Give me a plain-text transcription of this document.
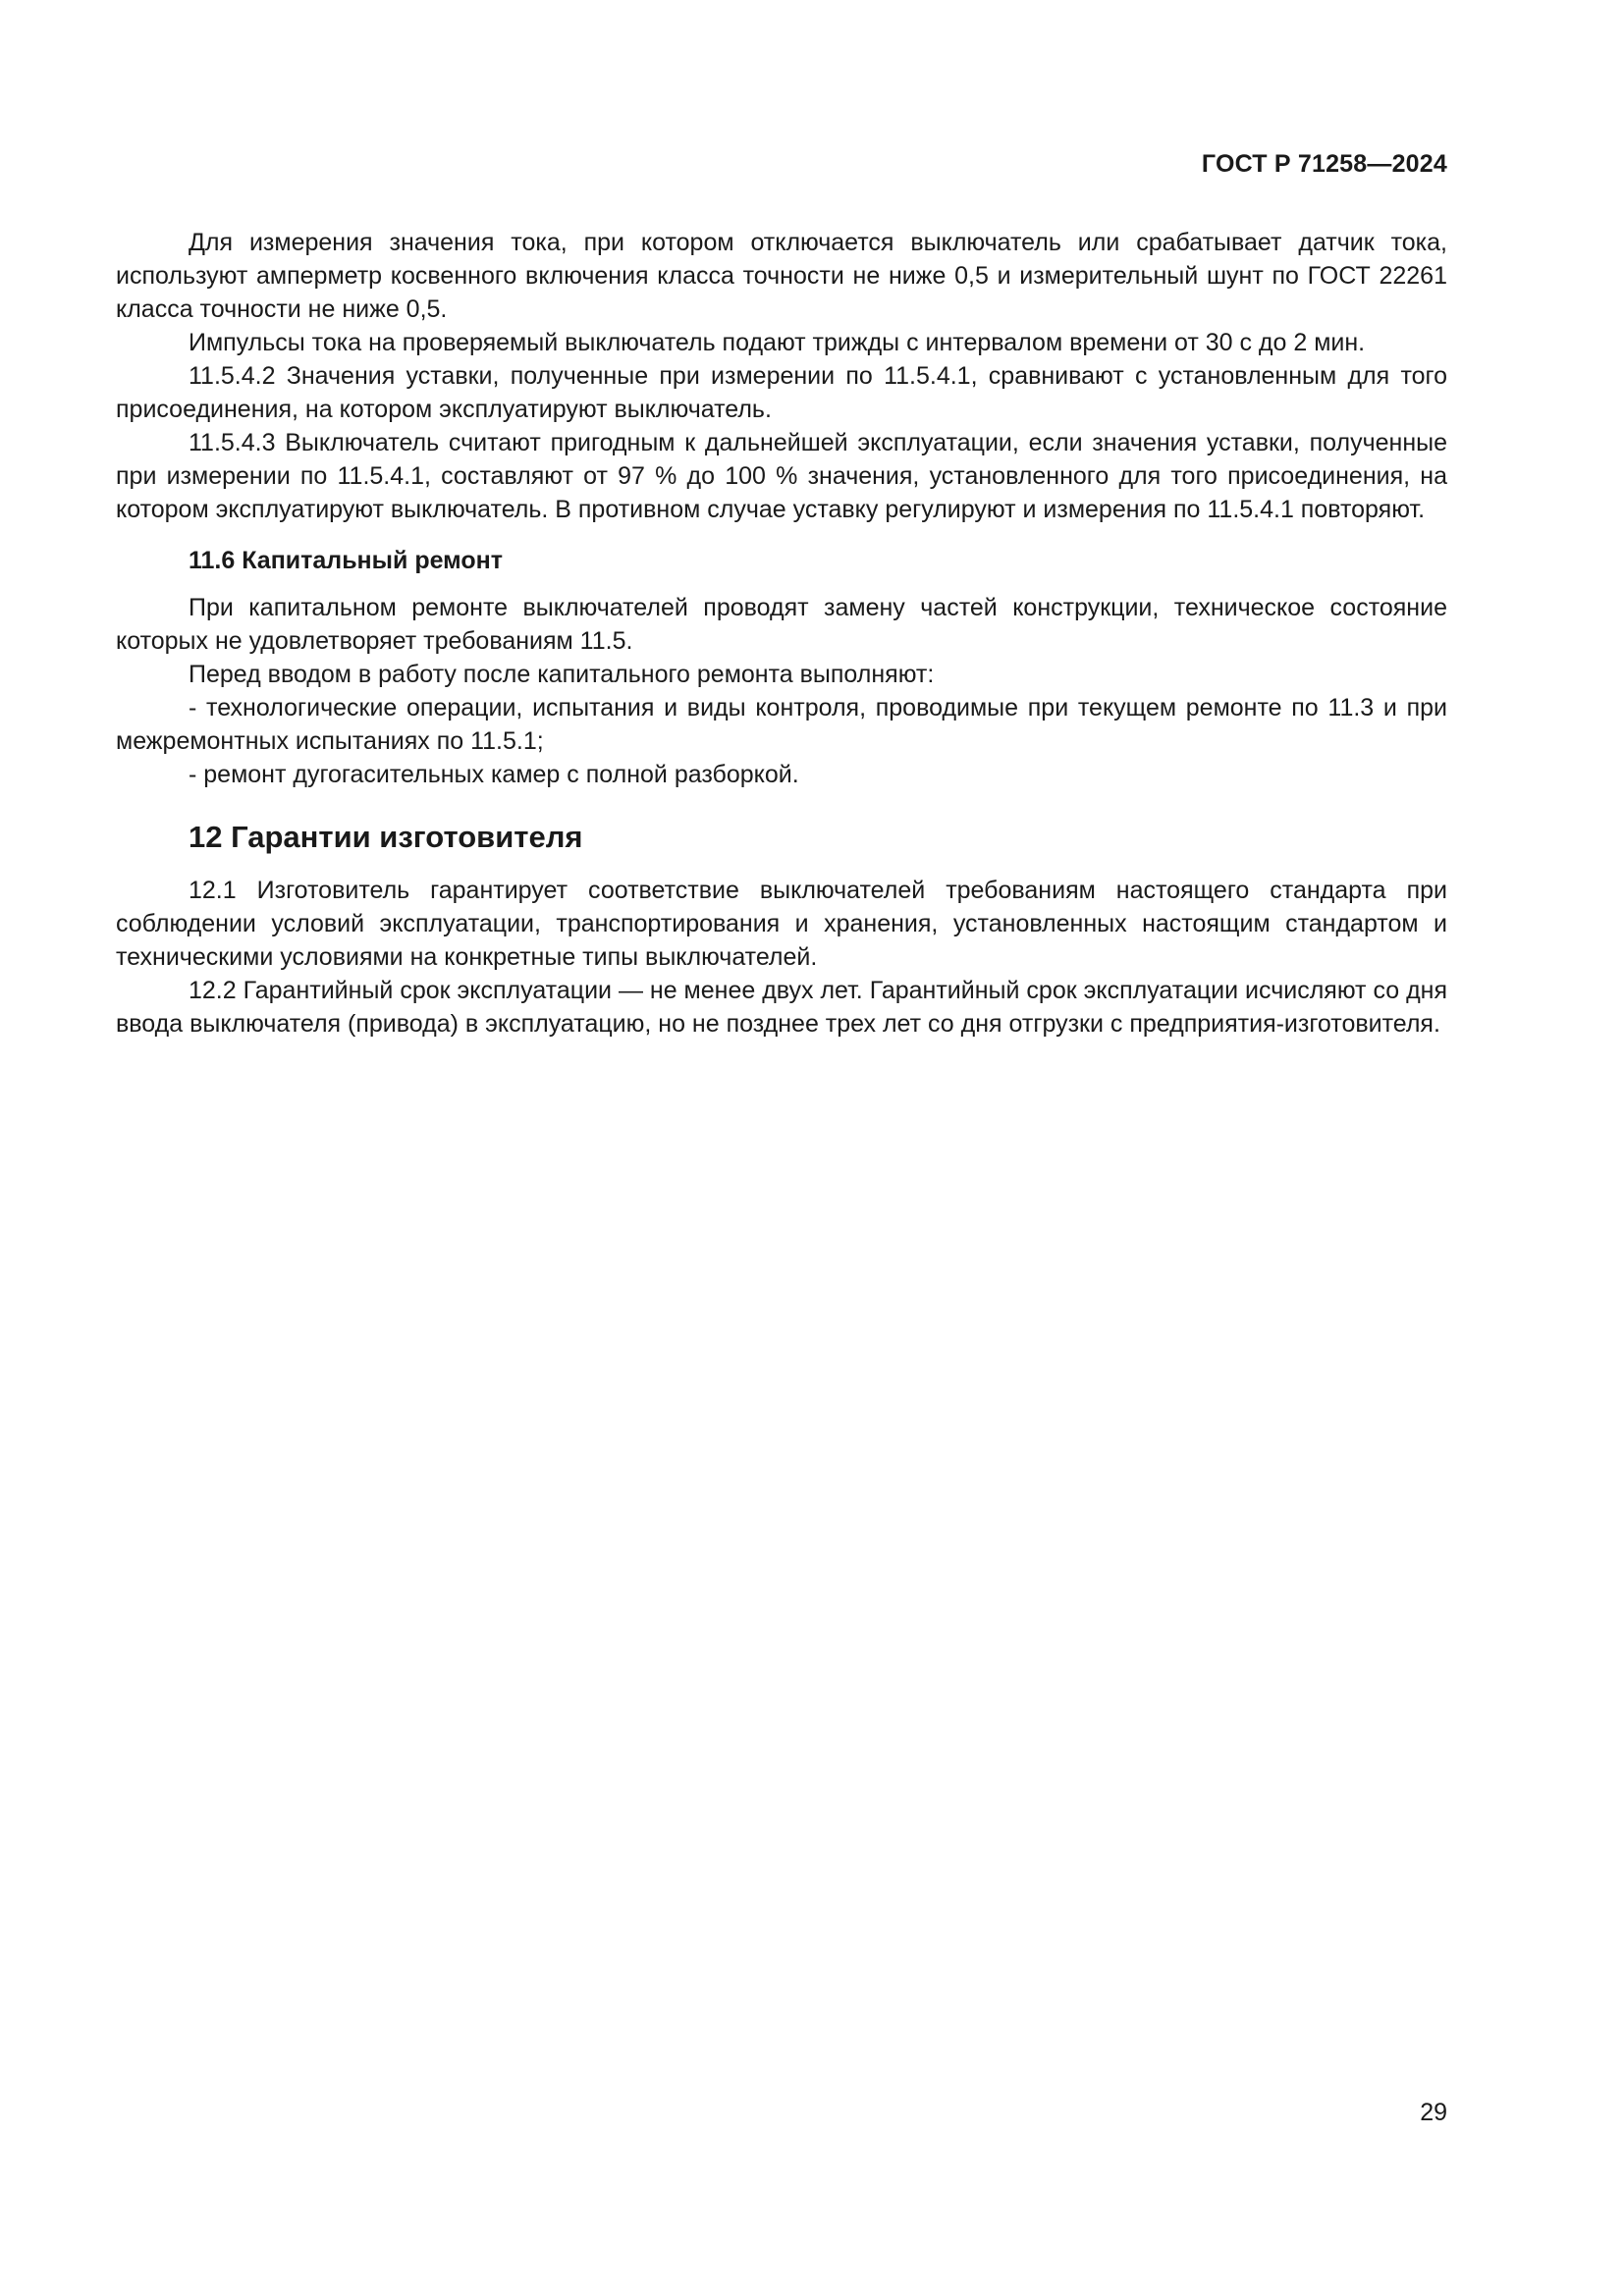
ГОСТ Р 71258—2024

Для измерения значения тока, при котором отключается выключатель или срабатывает датчик тока, используют амперметр косвенного включения класса точности не ниже 0,5 и измерительный шунт по ГОСТ 22261 класса точности не ниже 0,5.

Импульсы тока на проверяемый выключатель подают трижды с интервалом времени от 30 с до 2 мин.

11.5.4.2 Значения уставки, полученные при измерении по 11.5.4.1, сравнивают с установленным для того присоединения, на котором эксплуатируют выключатель.

11.5.4.3 Выключатель считают пригодным к дальнейшей эксплуатации, если значения уставки, полученные при измерении по 11.5.4.1, составляют от 97 % до 100 % значения, установленного для того присоединения, на котором эксплуатируют выключатель. В противном случае уставку регулируют и измерения по 11.5.4.1 повторяют.

11.6 Капитальный ремонт

При капитальном ремонте выключателей проводят замену частей конструкции, техническое состояние которых не удовлетворяет требованиям 11.5.

Перед вводом в работу после капитального ремонта выполняют:

- технологические операции, испытания и виды контроля, проводимые при текущем ремонте по 11.3 и при межремонтных испытаниях по 11.5.1;

- ремонт дугогасительных камер с полной разборкой.

12 Гарантии изготовителя

12.1 Изготовитель гарантирует соответствие выключателей требованиям настоящего стандарта при соблюдении условий эксплуатации, транспортирования и хранения, установленных настоящим стандартом и техническими условиями на конкретные типы выключателей.

12.2 Гарантийный срок эксплуатации — не менее двух лет. Гарантийный срок эксплуатации исчисляют со дня ввода выключателя (привода) в эксплуатацию, но не позднее трех лет со дня отгрузки с предприятия-изготовителя.

29
